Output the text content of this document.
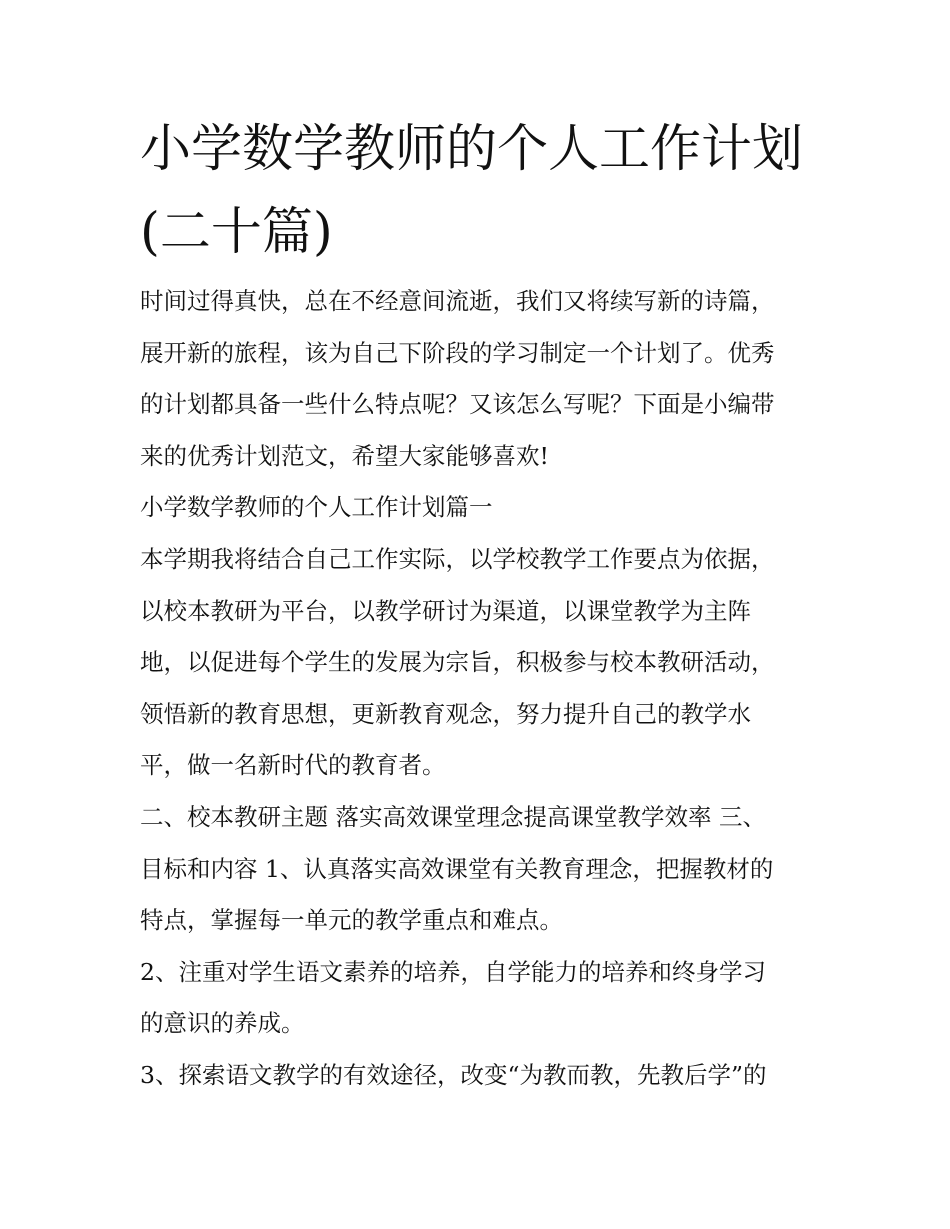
小学数学教师的个人工作计划(二十篇)
时间过得真快，总在不经意间流逝，我们又将续写新的诗篇，
展开新的旅程，该为自己下阶段的学习制定一个计划了。优秀
的计划都具备一些什么特点呢？又该怎么写呢？下面是小编带
来的优秀计划范文，希望大家能够喜欢!
小学数学教师的个人工作计划篇一
本学期我将结合自己工作实际，以学校教学工作要点为依据，
以校本教研为平台，以教学研讨为渠道，以课堂教学为主阵
地，以促进每个学生的发展为宗旨，积极参与校本教研活动，
领悟新的教育思想，更新教育观念，努力提升自己的教学水
平，做一名新时代的教育者。
二、校本教研主题 落实高效课堂理念提高课堂教学效率 三、
目标和内容 1、认真落实高效课堂有关教育理念，把握教材的
特点，掌握每一单元的教学重点和难点。
2、注重对学生语文素养的培养，自学能力的培养和终身学习
的意识的养成。
3、探索语文教学的有效途径，改变“为教而教，先教后学”的
